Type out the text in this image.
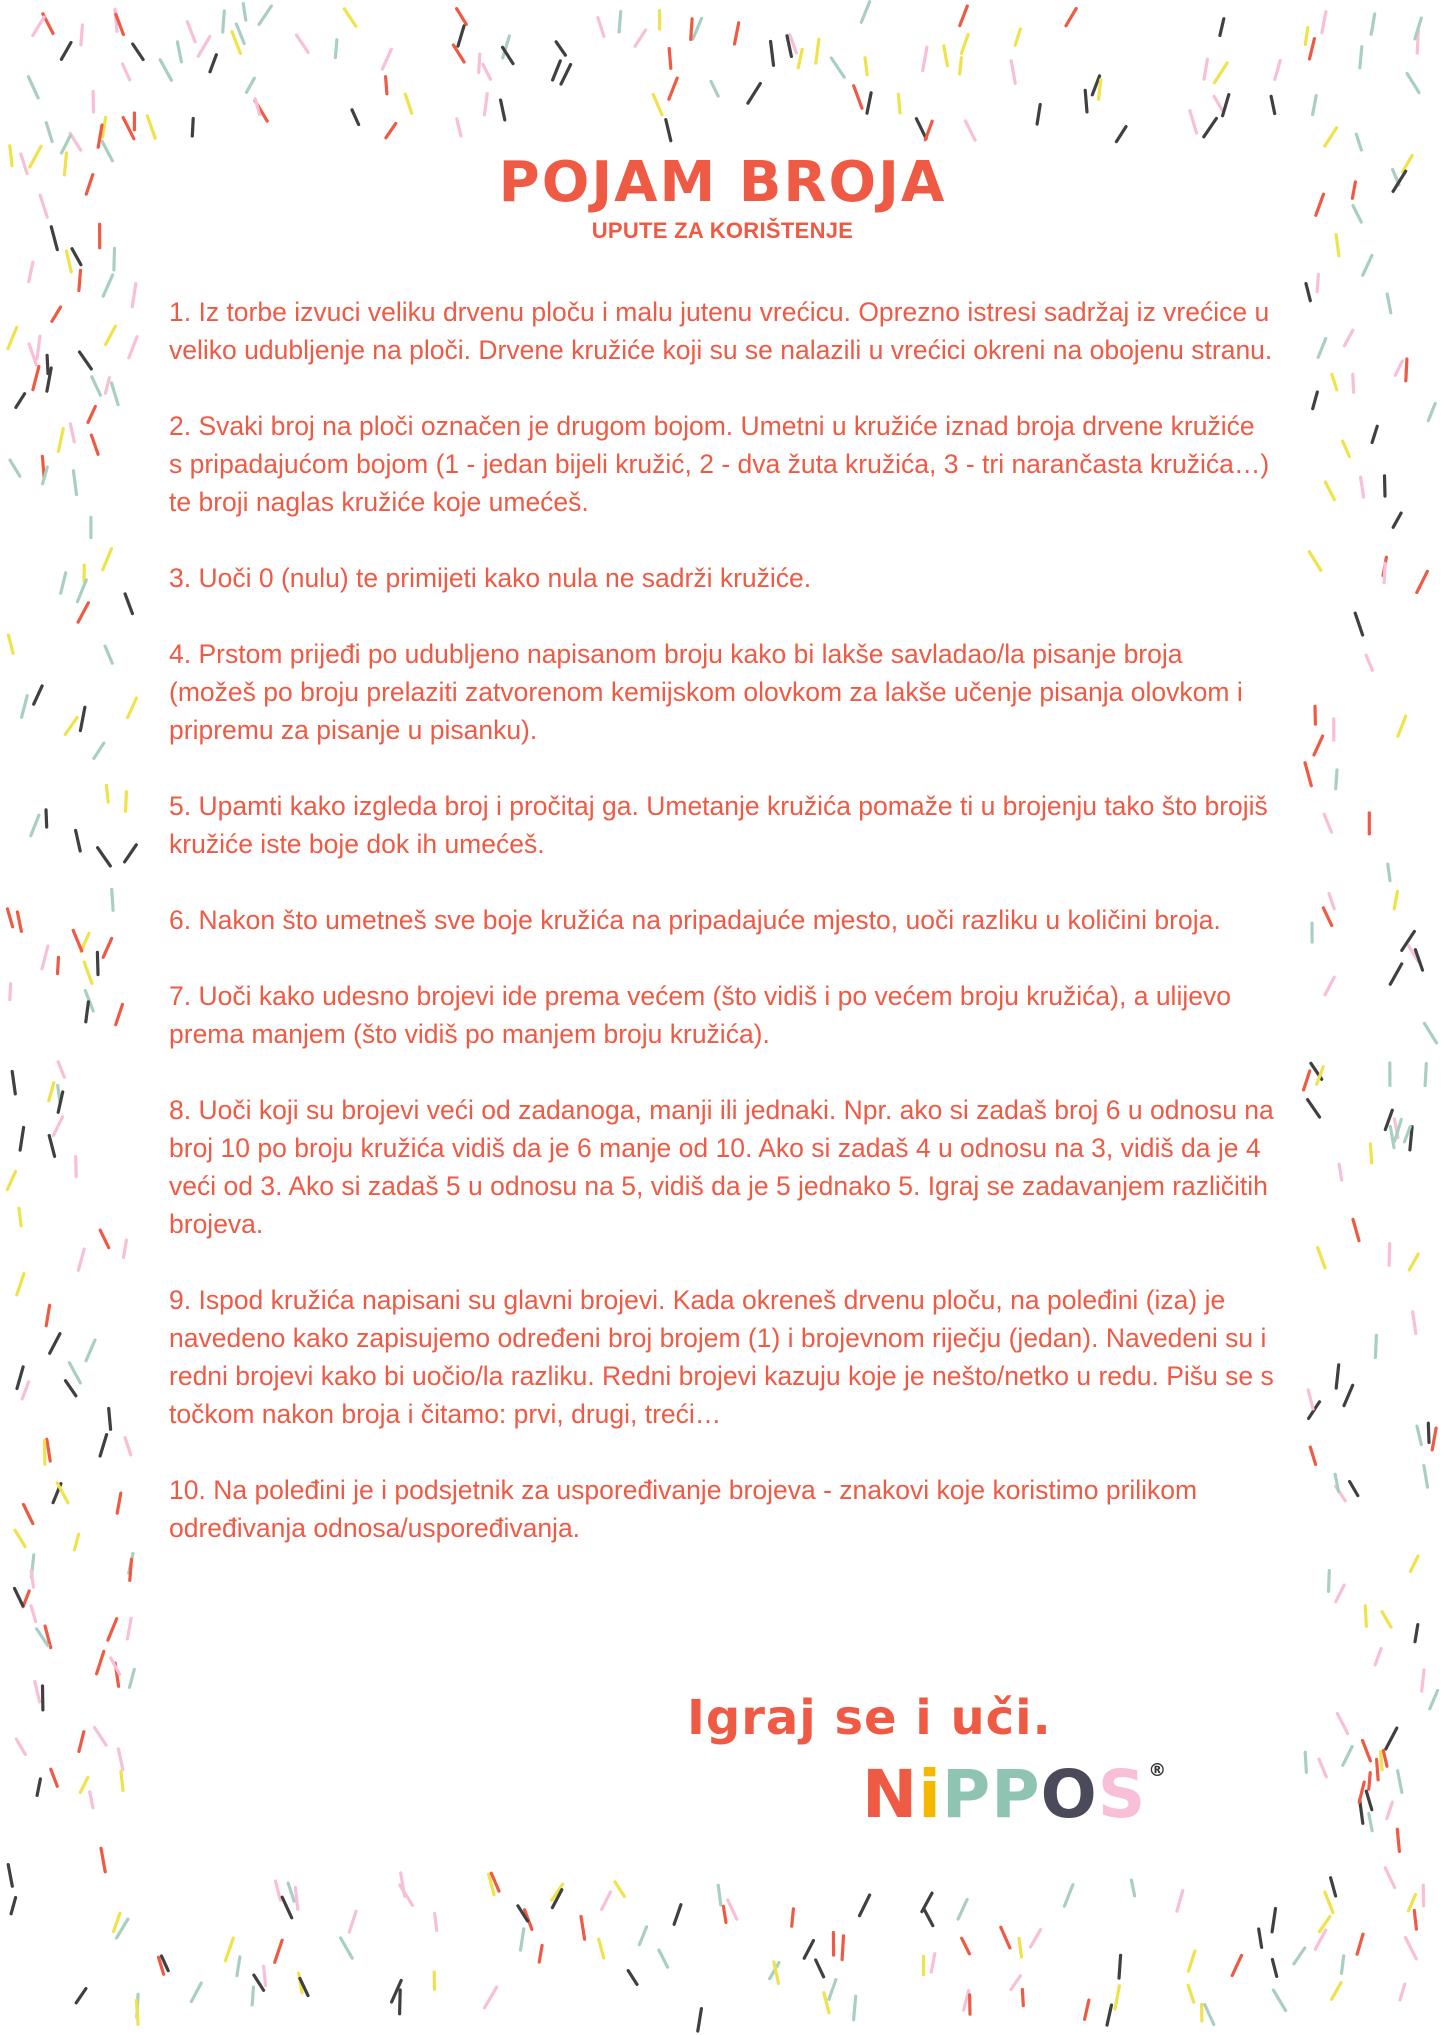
POJAM BROJA
UPUTE ZA KORIŠTENJE
1. Iz torbe izvuci veliku drvenu ploču i malu jutenu vrećicu. Oprezno istresi sadržaj iz vrećice u veliko udubljenje na ploči. Drvene kružiće koji su se nalazili u vrećici okreni na obojenu stranu.
2. Svaki broj na ploči označen je drugom bojom. Umetni u kružiće iznad broja drvene kružiće s pripadajućom bojom (1 - jedan bijeli kružić, 2 - dva žuta kružića, 3 - tri narančasta kružića…) te broji naglas kružiće koje umećeš.
3. Uoči 0 (nulu) te primijeti kako nula ne sadrži kružiće.
4. Prstom prijeđi po udubljeno napisanom broju kako bi lakše savladao/la pisanje broja (možeš po broju prelaziti zatvorenom kemijskom olovkom za lakše učenje pisanja olovkom i pripremu za pisanje u pisanku).
5. Upamti kako izgleda broj i pročitaj ga. Umetanje kružića pomaže ti u brojenju tako što brojiš kružiće iste boje dok ih umećeš.
6. Nakon što umetneš sve boje kružića na pripadajuće mjesto, uoči razliku u količini broja.
7. Uoči kako udesno brojevi ide prema većem (što vidiš i po većem broju kružića), a ulijevo prema manjem (što vidiš po manjem broju kružića).
8. Uoči koji su brojevi veći od zadanoga, manji ili jednaki. Npr. ako si zadaš broj 6 u odnosu na broj 10 po broju kružića vidiš da je 6 manje od 10. Ako si zadaš 4 u odnosu na 3, vidiš da je 4 veći od 3. Ako si zadaš 5 u odnosu na 5, vidiš da je 5 jednako 5. Igraj se zadavanjem različitih brojeva.
9. Ispod kružića napisani su glavni brojevi. Kada okreneš drvenu ploču, na poleđini (iza) je navedeno kako zapisujemo određeni broj brojem (1) i brojevnom riječju (jedan). Navedeni su i redni brojevi kako bi uočio/la razliku. Redni brojevi kazuju koje je nešto/netko u redu. Pišu se s točkom nakon broja i čitamo: prvi, drugi, treći…
10. Na poleđini je i podsjetnik za uspoređivanje brojeva - znakovi koje koristimo prilikom određivanja odnosa/uspoređivanja.

Igraj se i uči.

NiPPOS ®
